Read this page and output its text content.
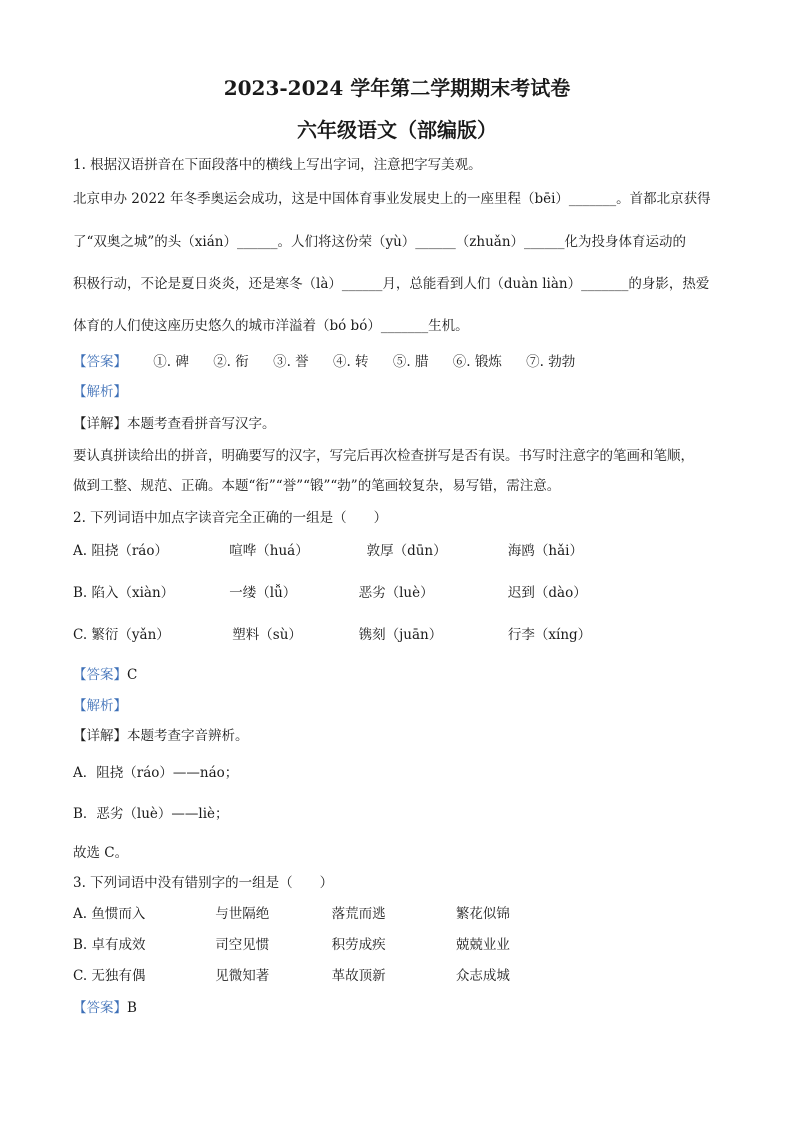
2023-2024 学年第二学期期末考试卷
六年级语文（部编版）
1. 根据汉语拼音在下面段落中的横线上写出字词，注意把字写美观。
北京申办 2022 年冬季奥运会成功，这是中国体育事业发展史上的一座里程（bēi）_______。首都北京获得
了“双奥之城”的头（xián）______。人们将这份荣（yù）______（zhuǎn）______化为投身体育运动的
积极行动，不论是夏日炎炎，还是寒冬（là）______月，总能看到人们（duàn liàn）_______的身影，热爱
体育的人们使这座历史悠久的城市洋溢着（bó bó）_______生机。
【答案】 ①. 碑 ②. 衔 ③. 誉 ④. 转 ⑤. 腊 ⑥. 锻炼 ⑦. 勃勃
【解析】
【详解】本题考查看拼音写汉字。
要认真拼读给出的拼音，明确要写的汉字，写完后再次检查拼写是否有误。书写时注意字的笔画和笔顺，
做到工整、规范、正确。本题“衔”“誉”“锻”“勃”的笔画较复杂，易写错，需注意。
2. 下列词语中加点字读音完全正确的一组是（　　）
A. 阻挠（ráo）	喧哗（huá）	敦厚（dūn）	海鸥（hǎi）
B. 陷入（xiàn）	一缕（lǚ）	恶劣（luè）	迟到（dào）
C. 繁衍（yǎn）	塑料（sù）	镌刻（juān）	行李（xíng）
【答案】C
【解析】
【详解】本题考查字音辨析。
A．阻挠（ráo）——náo；
B．恶劣（luè）——liè；
故选 C。
3. 下列词语中没有错别字的一组是（　　）
A. 鱼惯而入	与世隔绝	落荒而逃	繁花似锦
B. 卓有成效	司空见惯	积劳成疾	兢兢业业
C. 无独有偶	见微知著	革故顶新	众志成城
【答案】B
